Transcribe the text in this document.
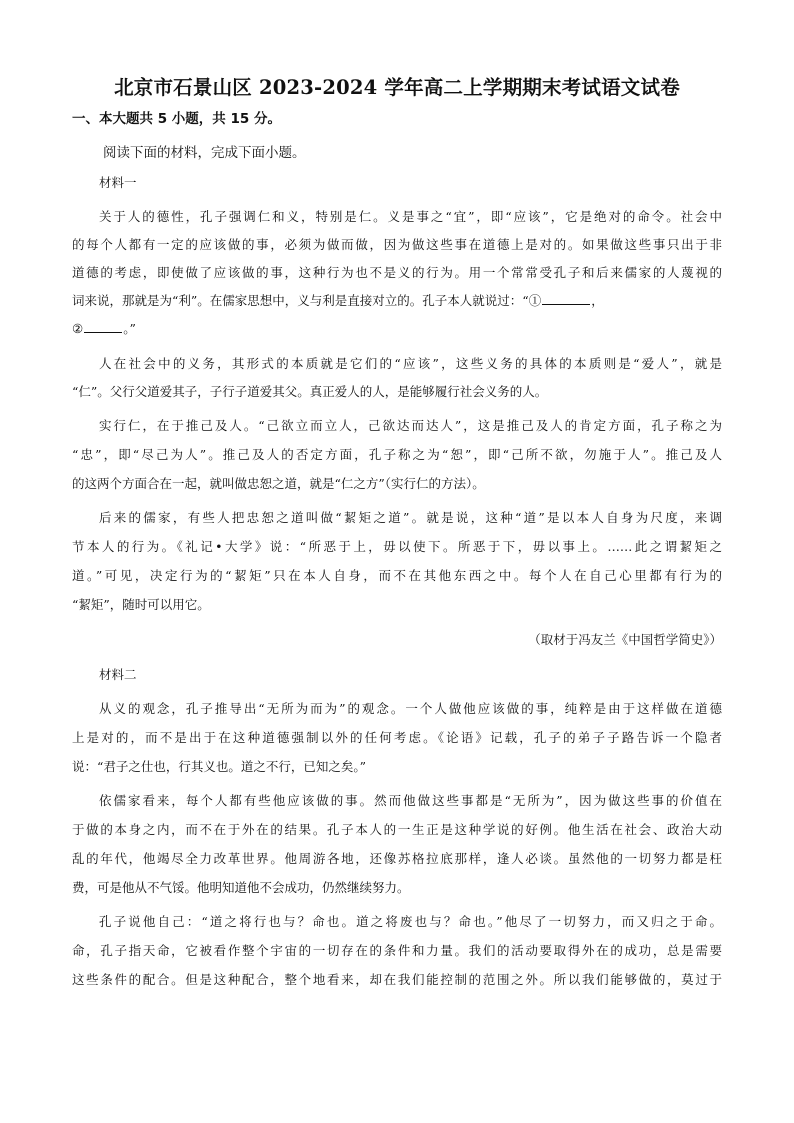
北京市石景山区 2023-2024 学年高二上学期期末考试语文试卷
一、本大题共 5 小题，共 15 分。
阅读下面的材料，完成下面小题。
材料一
关于人的德性，孔子强调仁和义，特别是仁。义是事之“宜”，即“应该”，它是绝对的命令。社会中
的每个人都有一定的应该做的事，必须为做而做，因为做这些事在道德上是对的。如果做这些事只出于非
道德的考虑，即使做了应该做的事，这种行为也不是义的行为。用一个常常受孔子和后来儒家的人蔑视的
词来说，那就是为“利”。在儒家思想中，义与利是直接对立的。孔子本人就说过：“①	，
②	。”
人在社会中的义务，其形式的本质就是它们的“应该”，这些义务的具体的本质则是“爱人”，就是
“仁”。父行父道爱其子，子行子道爱其父。真正爱人的人，是能够履行社会义务的人。
实行仁，在于推己及人。“己欲立而立人，己欲达而达人”，这是推己及人的肯定方面，孔子称之为
“忠”，即“尽己为人”。推己及人的否定方面，孔子称之为“恕”，即“己所不欲，勿施于人”。推己及人
的这两个方面合在一起，就叫做忠恕之道，就是“仁之方”（实行仁的方法）。
后来的儒家，有些人把忠恕之道叫做“絜矩之道”。就是说，这种“道”是以本人自身为尺度，来调
节本人的行为。《礼记•大学》说：“所恶于上，毋以使下。所恶于下，毋以事上。……此之谓絜矩之
道。”可见，决定行为的“絜矩”只在本人自身，而不在其他东西之中。每个人在自己心里都有行为的
“絜矩”，随时可以用它。
（取材于冯友兰《中国哲学简史》）
材料二
从义的观念，孔子推导出“无所为而为”的观念。一个人做他应该做的事，纯粹是由于这样做在道德
上是对的，而不是出于在这种道德强制以外的任何考虑。《论语》记载，孔子的弟子子路告诉一个隐者
说：“君子之仕也，行其义也。道之不行，已知之矣。”
依儒家看来，每个人都有些他应该做的事。然而他做这些事都是“无所为”，因为做这些事的价值在
于做的本身之内，而不在于外在的结果。孔子本人的一生正是这种学说的好例。他生活在社会、政治大动
乱的年代，他竭尽全力改革世界。他周游各地，还像苏格拉底那样，逢人必谈。虽然他的一切努力都是枉
费，可是他从不气馁。他明知道他不会成功，仍然继续努力。
孔子说他自己：“道之将行也与？命也。道之将废也与？命也。”他尽了一切努力，而又归之于命。
命，孔子指天命，它被看作整个宇宙的一切存在的条件和力量。我们的活动要取得外在的成功，总是需要
这些条件的配合。但是这种配合，整个地看来，却在我们能控制的范围之外。所以我们能够做的，莫过于
